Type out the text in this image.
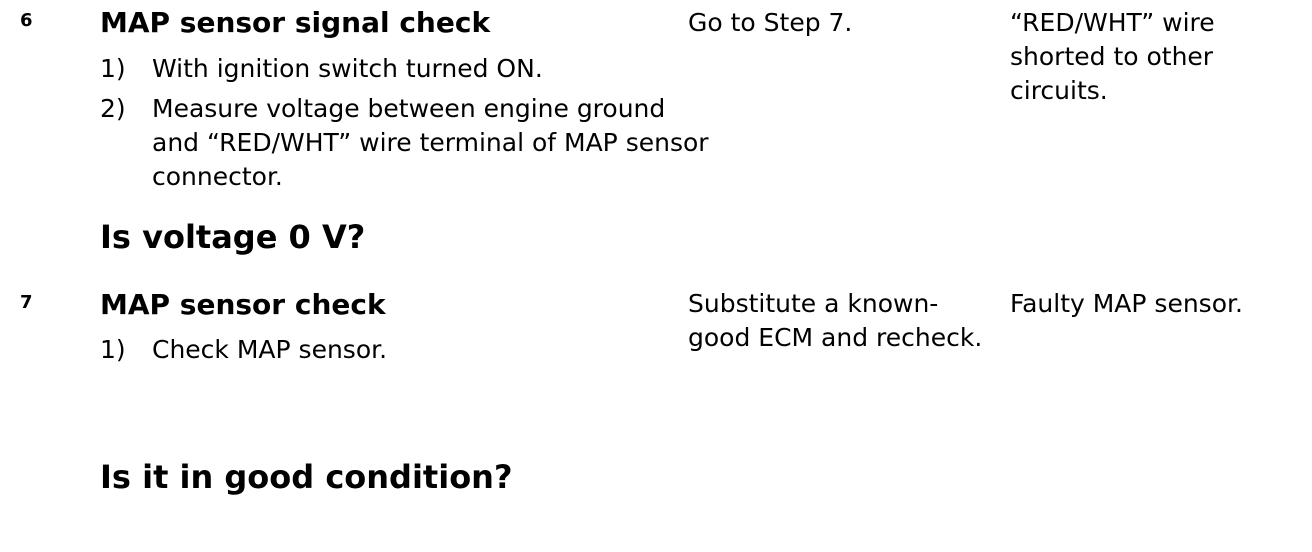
6 MAP sensor signal check
1) With ignition switch turned ON.
2) Measure voltage between engine ground and “RED/WHT” wire terminal of MAP sensor connector.
Is voltage 0 V?
Go to Step 7.	“RED/WHT” wire shorted to other circuits.
7 MAP sensor check
1) Check MAP sensor.
Is it in good condition?
Substitute a known-good ECM and recheck.
Faulty MAP sensor.
